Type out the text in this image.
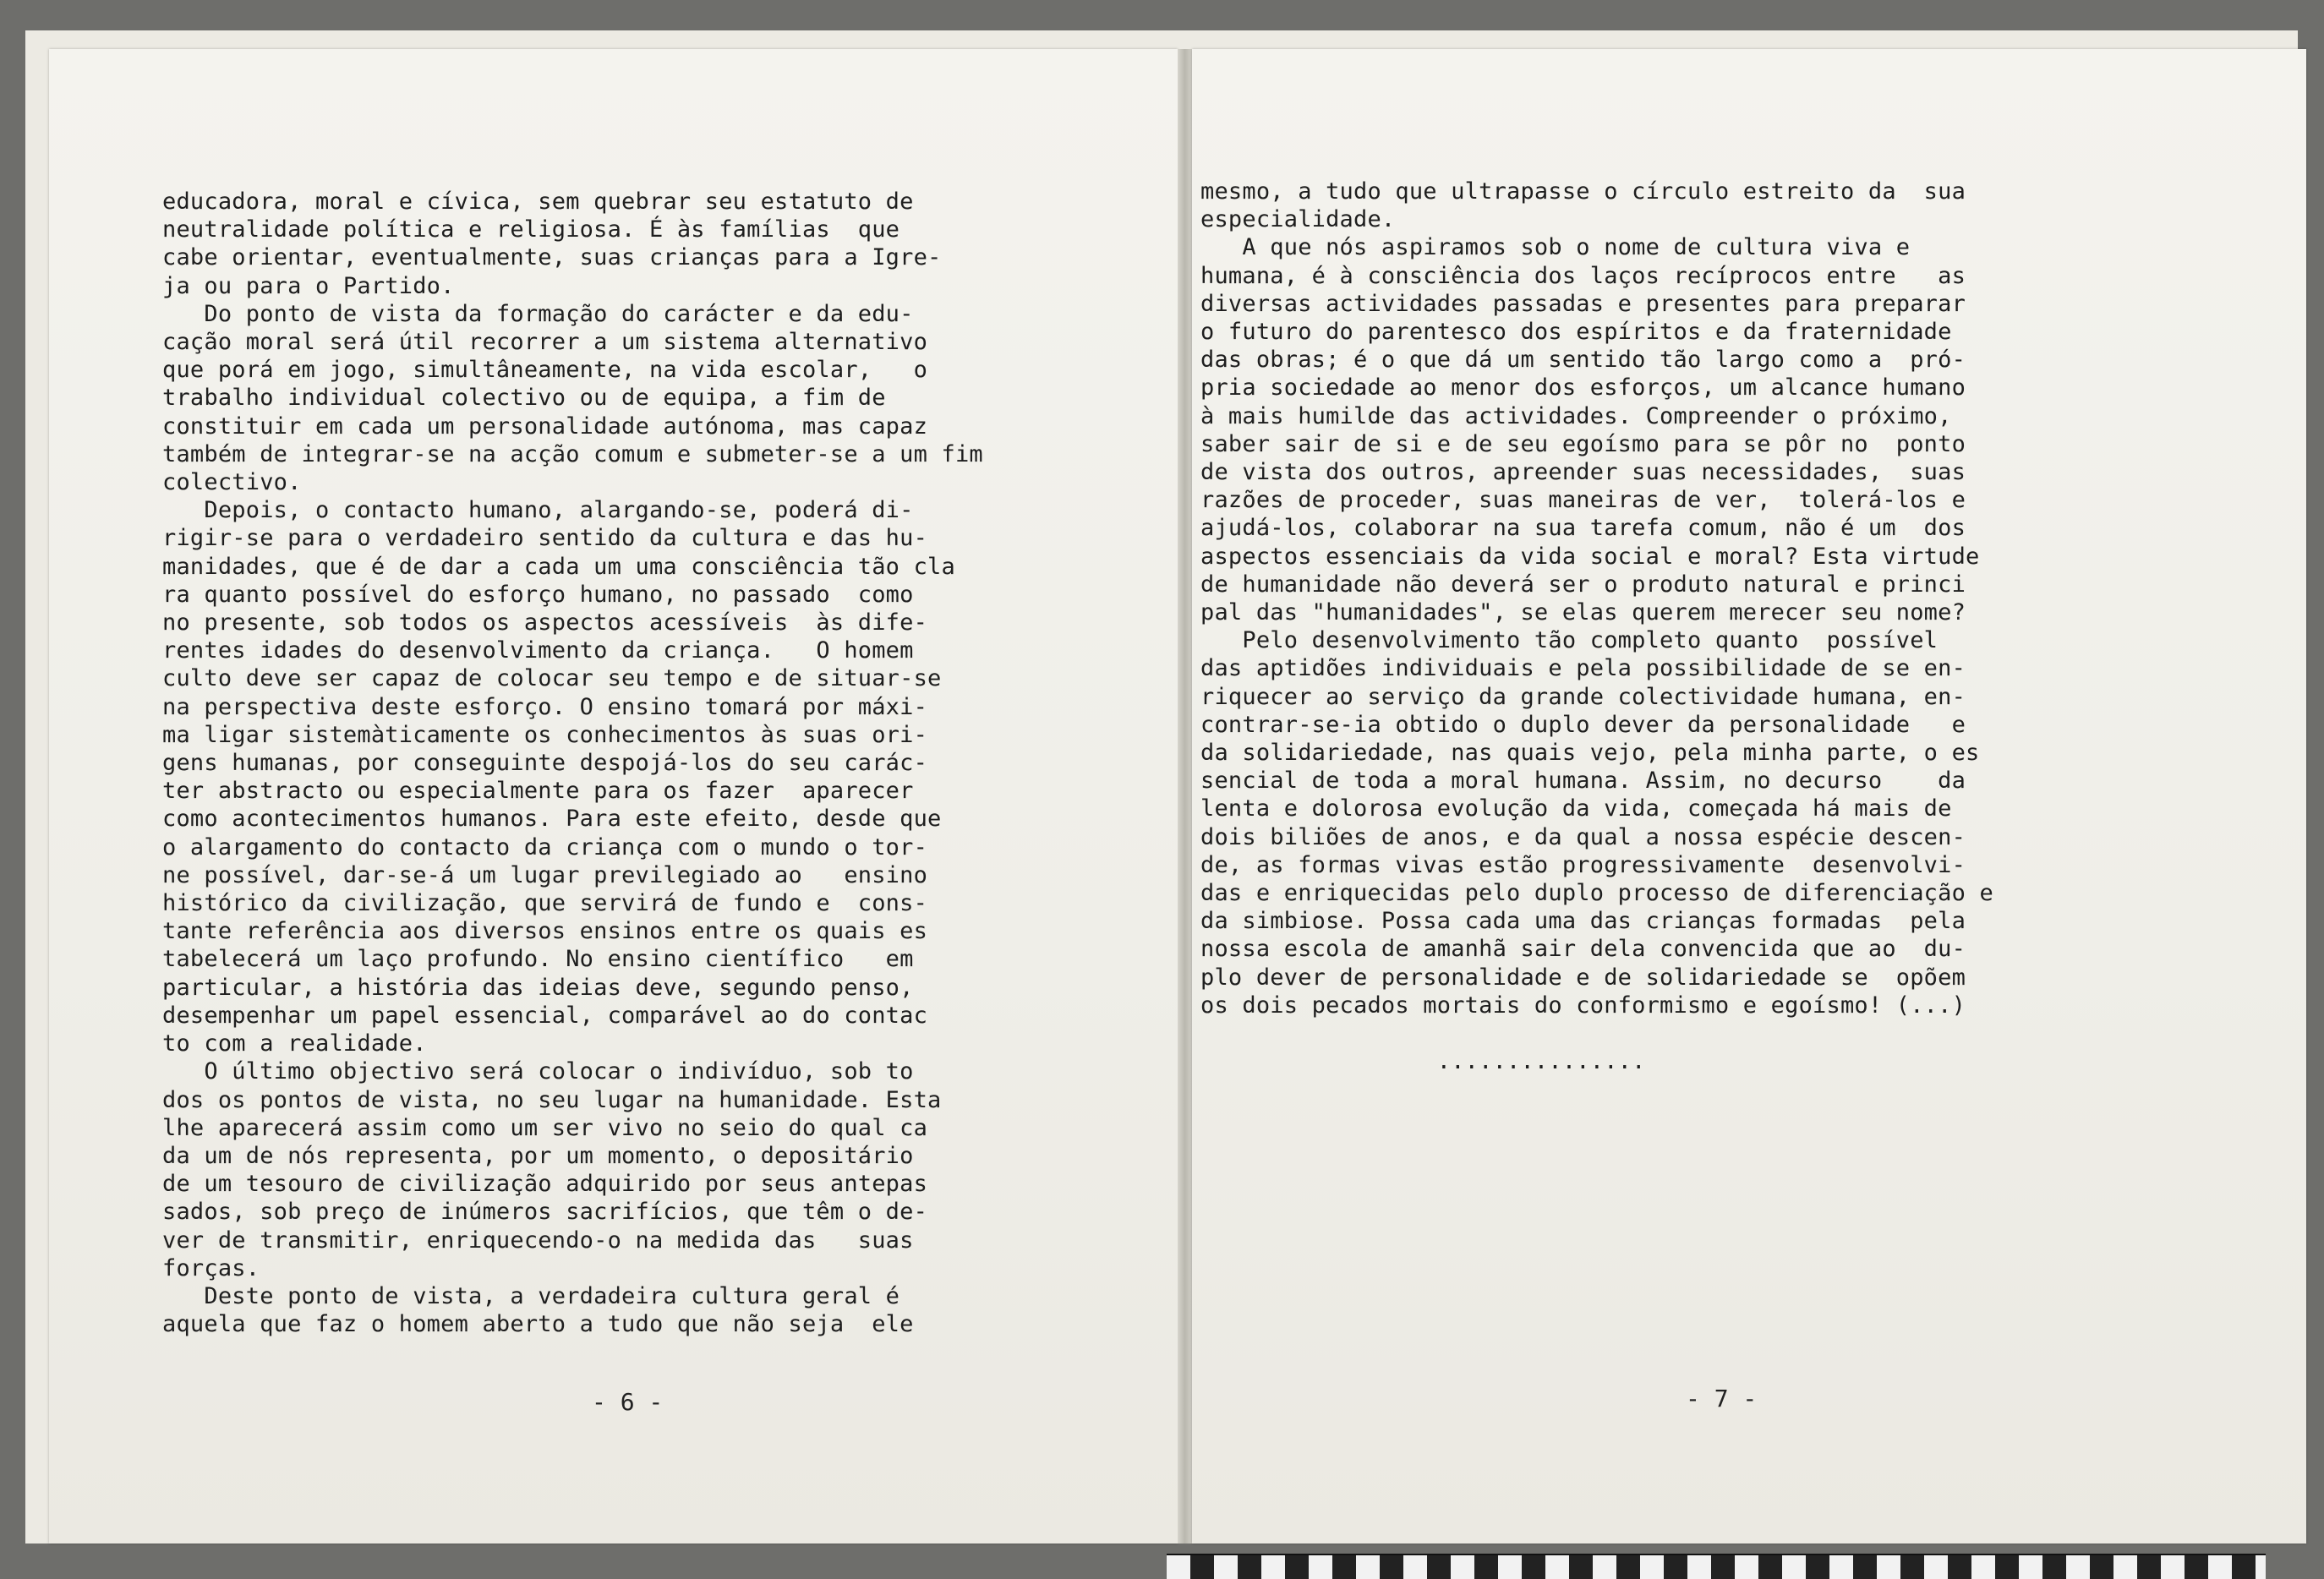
educadora, moral e cívica, sem quebrar seu estatuto de
neutralidade política e religiosa. É às famílias  que
cabe orientar, eventualmente, suas crianças para a Igre-
ja ou para o Partido.
Do ponto de vista da formação do carácter e da edu-
cação moral será útil recorrer a um sistema alternativo
que porá em jogo, simultâneamente, na vida escolar,   o
trabalho individual colectivo ou de equipa, a fim de
constituir em cada um personalidade autónoma, mas capaz
também de integrar-se na acção comum e submeter-se a um fim
colectivo.
Depois, o contacto humano, alargando-se, poderá di-
rigir-se para o verdadeiro sentido da cultura e das hu-
manidades, que é de dar a cada um uma consciência tão cla
ra quanto possível do esforço humano, no passado  como
no presente, sob todos os aspectos acessíveis  às dife-
rentes idades do desenvolvimento da criança.   O homem
culto deve ser capaz de colocar seu tempo e de situar-se
na perspectiva deste esforço. O ensino tomará por máxi-
ma ligar sistemàticamente os conhecimentos às suas ori-
gens humanas, por conseguinte despojá-los do seu carác-
ter abstracto ou especialmente para os fazer  aparecer
como acontecimentos humanos. Para este efeito, desde que
o alargamento do contacto da criança com o mundo o tor-
ne possível, dar-se-á um lugar previlegiado ao   ensino
histórico da civilização, que servirá de fundo e  cons-
tante referência aos diversos ensinos entre os quais es
tabelecerá um laço profundo. No ensino científico   em
particular, a história das ideias deve, segundo penso,
desempenhar um papel essencial, comparável ao do contac
to com a realidade.
O último objectivo será colocar o indivíduo, sob to
dos os pontos de vista, no seu lugar na humanidade. Esta
lhe aparecerá assim como um ser vivo no seio do qual ca
da um de nós representa, por um momento, o depositário
de um tesouro de civilização adquirido por seus antepas
sados, sob preço de inúmeros sacrifícios, que têm o de-
ver de transmitir, enriquecendo-o na medida das   suas
forças.
Deste ponto de vista, a verdadeira cultura geral é
aquela que faz o homem aberto a tudo que não seja  ele
- 6 -
mesmo, a tudo que ultrapasse o círculo estreito da  sua
especialidade.
A que nós aspiramos sob o nome de cultura viva e
humana, é à consciência dos laços recíprocos entre   as
diversas actividades passadas e presentes para preparar
o futuro do parentesco dos espíritos e da fraternidade
das obras; é o que dá um sentido tão largo como a  pró-
pria sociedade ao menor dos esforços, um alcance humano
à mais humilde das actividades. Compreender o próximo,
saber sair de si e de seu egoísmo para se pôr no  ponto
de vista dos outros, apreender suas necessidades,  suas
razões de proceder, suas maneiras de ver,  tolerá-los e
ajudá-los, colaborar na sua tarefa comum, não é um  dos
aspectos essenciais da vida social e moral? Esta virtude
de humanidade não deverá ser o produto natural e princi
pal das "humanidades", se elas querem merecer seu nome?
Pelo desenvolvimento tão completo quanto  possível
das aptidões individuais e pela possibilidade de se en-
riquecer ao serviço da grande colectividade humana, en-
contrar-se-ia obtido o duplo dever da personalidade   e
da solidariedade, nas quais vejo, pela minha parte, o es
sencial de toda a moral humana. Assim, no decurso    da
lenta e dolorosa evolução da vida, começada há mais de
dois biliões de anos, e da qual a nossa espécie descen-
de, as formas vivas estão progressivamente  desenvolvi-
das e enriquecidas pelo duplo processo de diferenciação e
da simbiose. Possa cada uma das crianças formadas  pela
nossa escola de amanhã sair dela convencida que ao  du-
plo dever de personalidade e de solidariedade se  opõem
os dois pecados mortais do conformismo e egoísmo! (...)

...............
- 7 -
